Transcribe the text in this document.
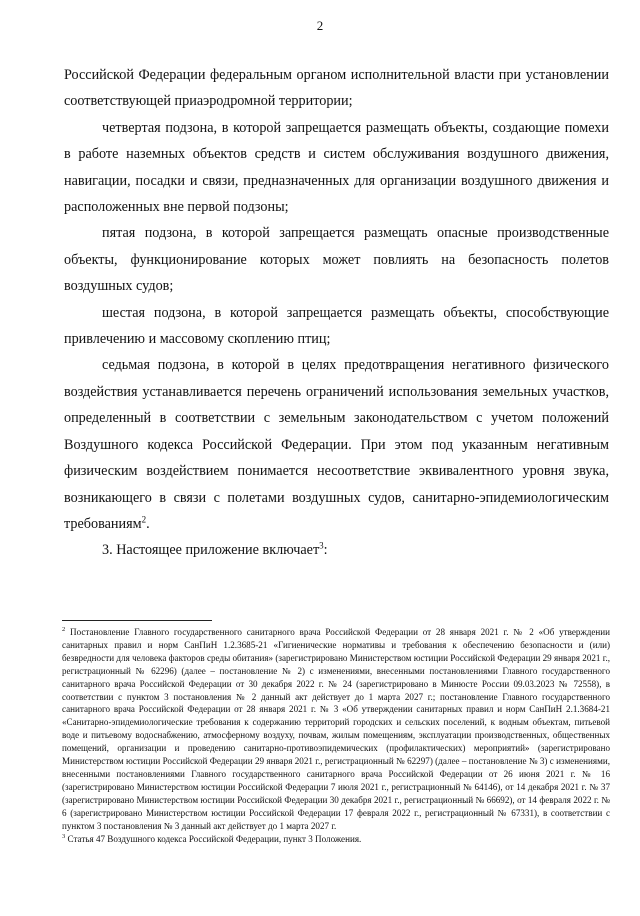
2

Российской Федерации федеральным органом исполнительной власти при установлении соответствующей приаэродромной территории;

четвертая подзона, в которой запрещается размещать объекты, создающие помехи в работе наземных объектов средств и систем обслуживания воздушного движения, навигации, посадки и связи, предназначенных для организации воздушного движения и расположенных вне первой подзоны;

пятая подзона, в которой запрещается размещать опасные производственные объекты, функционирование которых может повлиять на безопасность полетов воздушных судов;

шестая подзона, в которой запрещается размещать объекты, способствующие привлечению и массовому скоплению птиц;

седьмая подзона, в которой в целях предотвращения негативного физического воздействия устанавливается перечень ограничений использования земельных участков, определенный в соответствии с земельным законодательством с учетом положений Воздушного кодекса Российской Федерации. При этом под указанным негативным физическим воздействием понимается несоответствие эквивалентного уровня звука, возникающего в связи с полетами воздушных судов, санитарно-эпидемиологическим требованиям$^2$.

3. Настоящее приложение включает$^3$:

$^2$ Постановление Главного государственного санитарного врача Российской Федерации от 28 января 2021 г. № 2 «Об утверждении санитарных правил и норм СанПиН 1.2.3685-21 «Гигиенические нормативы и требования к обеспечению безопасности и (или) безвредности для человека факторов среды обитания» (зарегистрировано Министерством юстиции Российской Федерации 29 января 2021 г., регистрационный № 62296) (далее – постановление № 2) с изменениями, внесенными постановлениями Главного государственного санитарного врача Российской Федерации от 30 декабря 2022 г. № 24 (зарегистрировано в Минюсте России 09.03.2023 № 72558), в соответствии с пунктом 3 постановления № 2 данный акт действует до 1 марта 2027 г.; постановление Главного государственного санитарного врача Российской Федерации от 28 января 2021 г. № 3 «Об утверждении санитарных правил и норм СанПиН 2.1.3684-21 «Санитарно-эпидемиологические требования к содержанию территорий городских и сельских поселений, к водным объектам, питьевой воде и питьевому водоснабжению, атмосферному воздуху, почвам, жилым помещениям, эксплуатации производственных, общественных помещений, организации и проведению санитарно-противоэпидемических (профилактических) мероприятий» (зарегистрировано Министерством юстиции Российской Федерации 29 января 2021 г., регистрационный № 62297) (далее – постановление № 3) с изменениями, внесенными постановлениями Главного государственного санитарного врача Российской Федерации от 26 июня 2021 г. № 16 (зарегистрировано Министерством юстиции Российской Федерации 7 июля 2021 г., регистрационный № 64146), от 14 декабря 2021 г. № 37 (зарегистрировано Министерством юстиции Российской Федерации 30 декабря 2021 г., регистрационный № 66692), от 14 февраля 2022 г. № 6 (зарегистрировано Министерством юстиции Российской Федерации 17 февраля 2022 г., регистрационный № 67331), в соответствии с пунктом 3 постановления № 3 данный акт действует до 1 марта 2027 г.

$^3$ Статья 47 Воздушного кодекса Российской Федерации, пункт 3 Положения.
